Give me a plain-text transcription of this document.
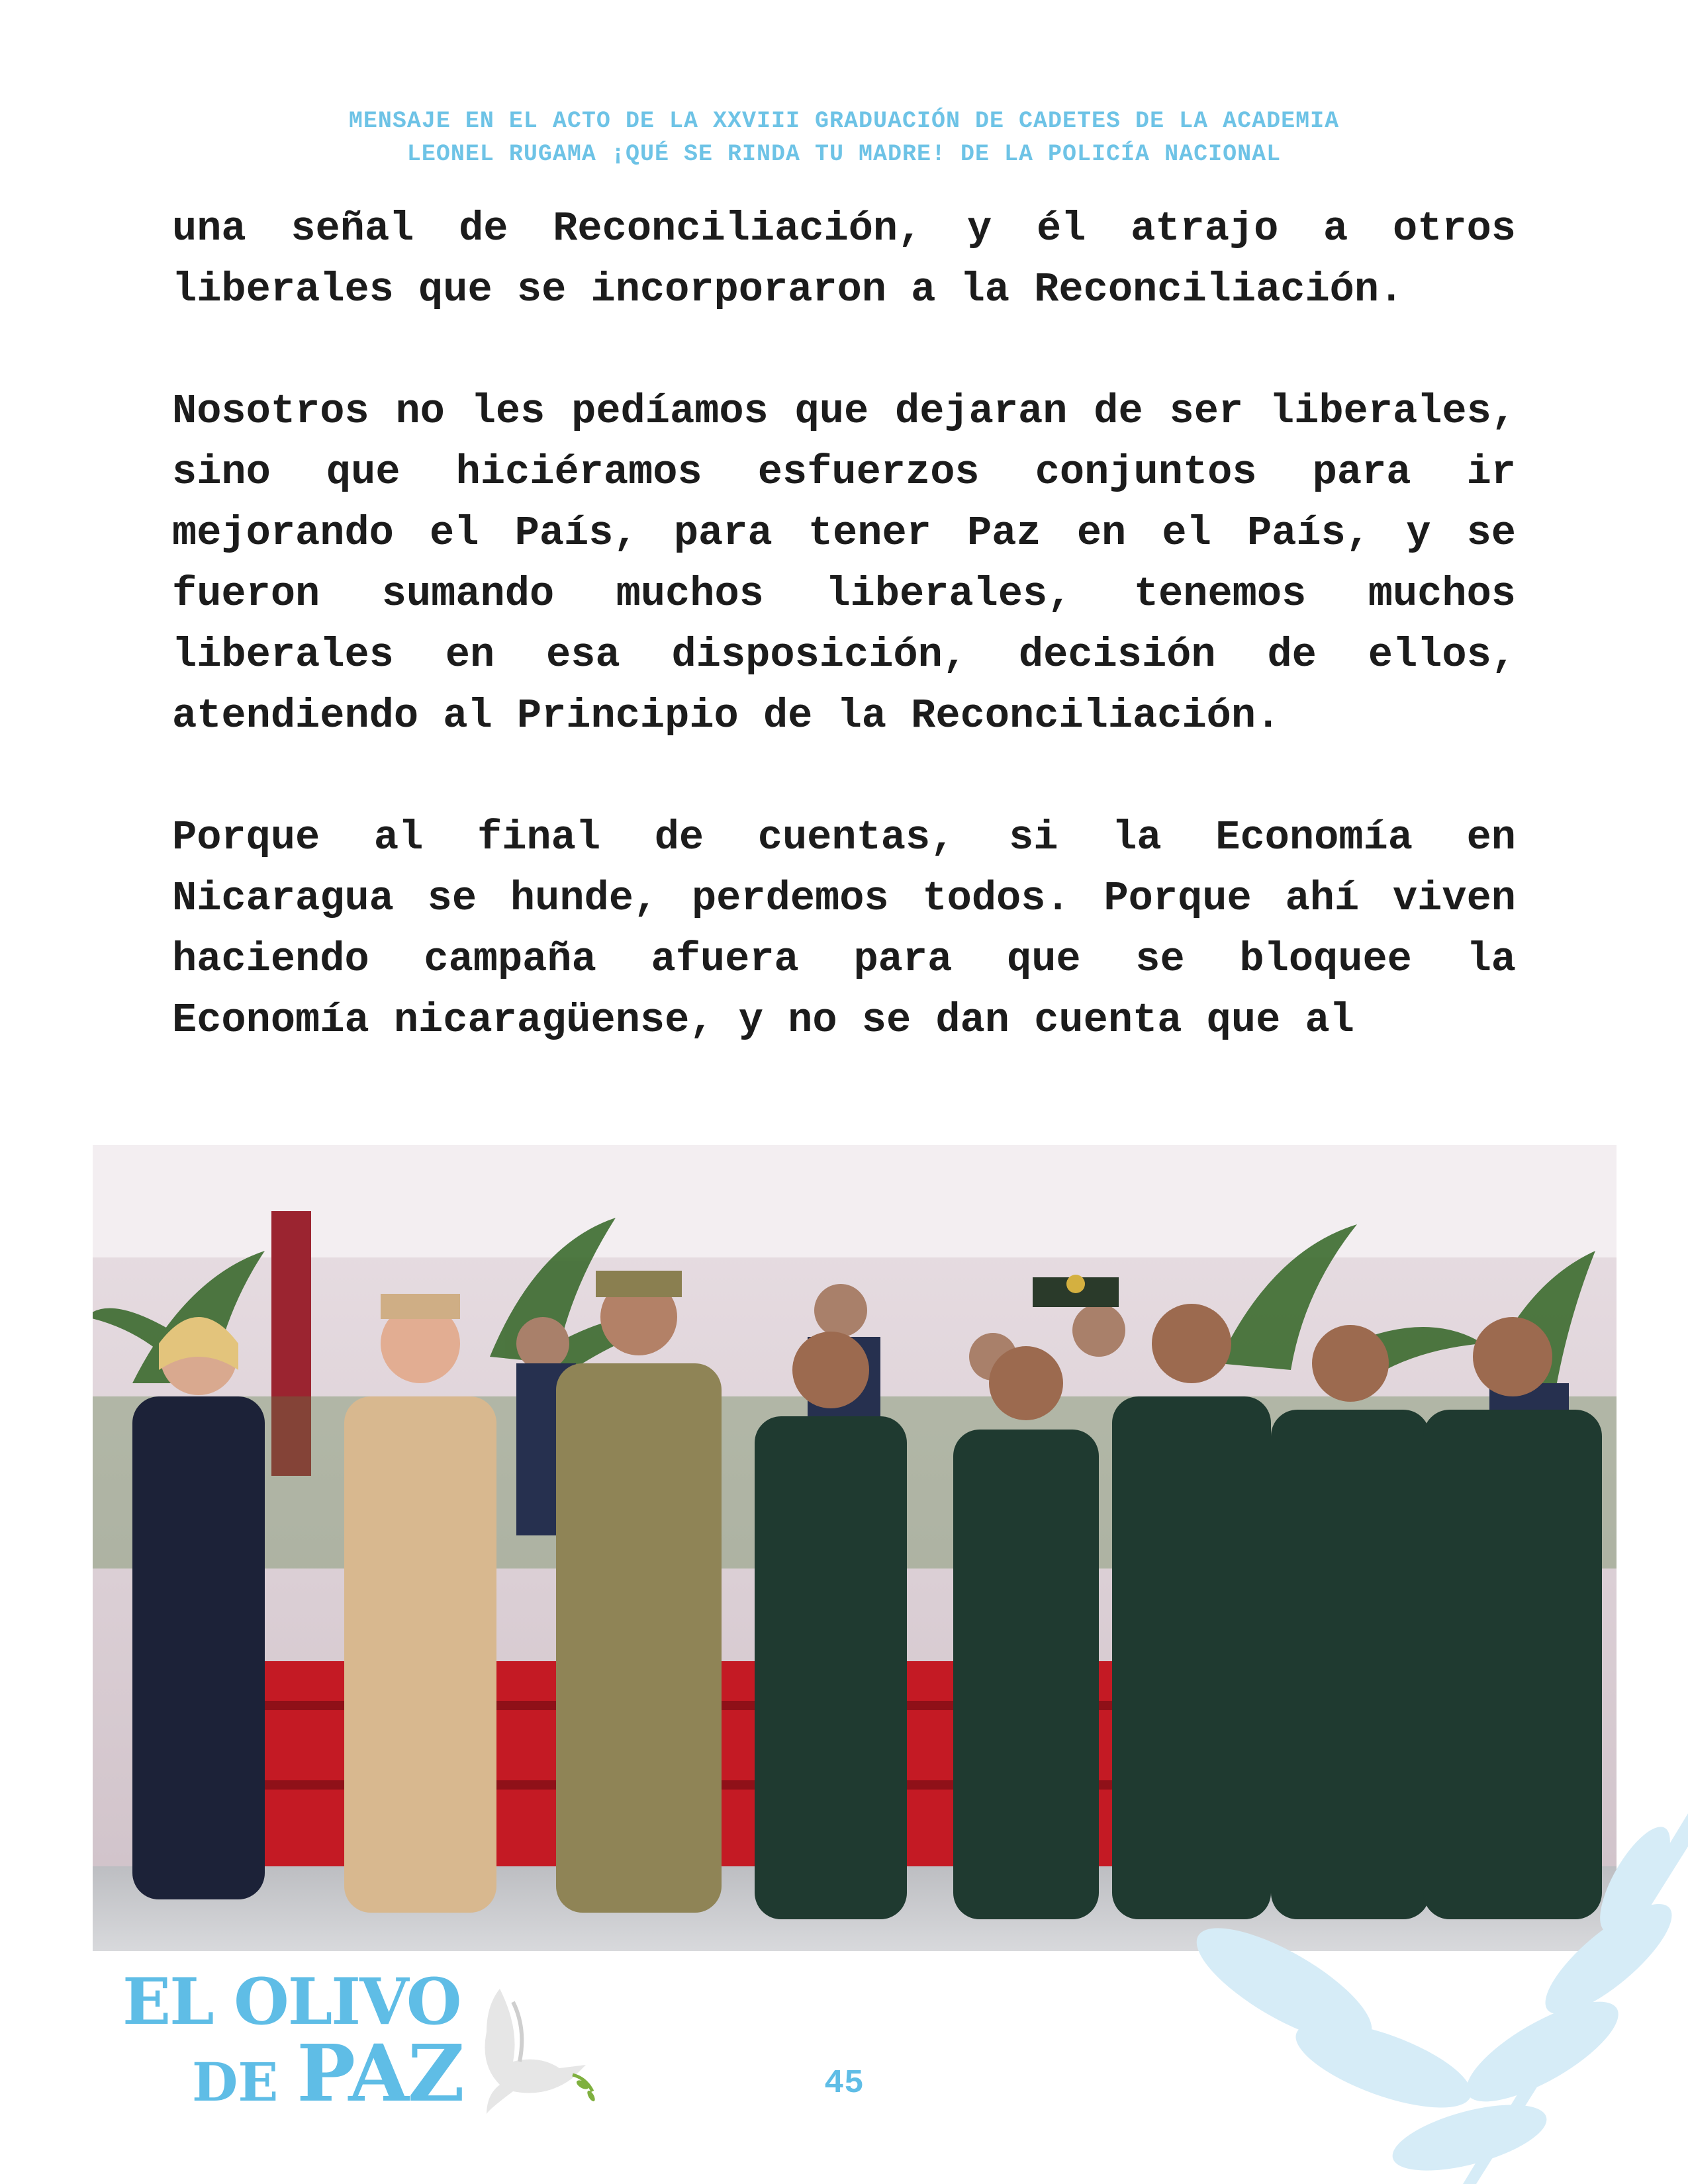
MENSAJE EN EL ACTO DE LA XXVIII GRADUACIÓN DE CADETES DE LA ACADEMIA
LEONEL RUGAMA ¡QUÉ SE RINDA TU MADRE! DE LA POLICÍA NACIONAL

una señal de Reconciliación, y él atrajo a otros liberales que se incorporaron a la Reconciliación.

Nosotros no les pedíamos que dejaran de ser liberales, sino que hiciéramos esfuerzos conjuntos para ir mejorando el País, para tener Paz en el País, y se fueron sumando muchos liberales, tenemos muchos liberales en esa disposición, decisión de ellos, atendiendo al Principio de la Reconciliación.

Porque al final de cuentas, si la Economía en Nicaragua se hunde, perdemos todos. Porque ahí viven haciendo campaña afuera para que se bloquee la Economía nicaragüense, y no se dan cuenta que al

EL OLIVO
DE PAZ	45
